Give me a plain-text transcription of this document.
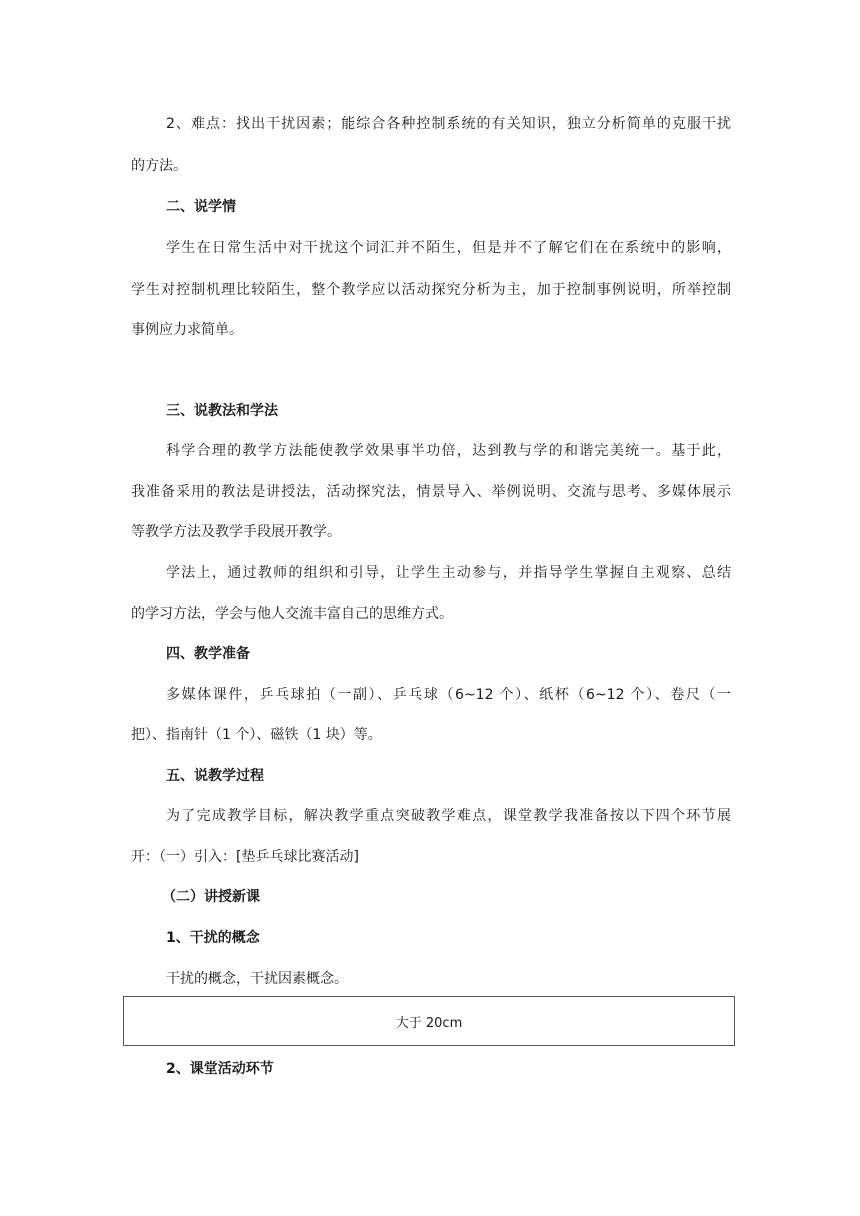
2、难点：找出干扰因素；能综合各种控制系统的有关知识，独立分析简单的克服干扰
的方法。
二、说学情
学生在日常生活中对干扰这个词汇并不陌生，但是并不了解它们在在系统中的影响，
学生对控制机理比较陌生，整个教学应以活动探究分析为主，加于控制事例说明，所举控制
事例应力求简单。
三、说教法和学法
科学合理的教学方法能使教学效果事半功倍，达到教与学的和谐完美统一。基于此，
我准备采用的教法是讲授法，活动探究法，情景导入、举例说明、交流与思考、多媒体展示
等教学方法及教学手段展开教学。
学法上，通过教师的组织和引导，让学生主动参与，并指导学生掌握自主观察、总结
的学习方法，学会与他人交流丰富自己的思维方式。
四、教学准备
多媒体课件，乒乓球拍（一副）、乒乓球（6~12 个）、纸杯（6~12 个）、卷尺（一
把）、指南针（1 个）、磁铁（1 块）等。
五、说教学过程
为了完成教学目标，解决教学重点突破教学难点，课堂教学我准备按以下四个环节展
开：（一）引入：[垫乒乓球比赛活动]
（二）讲授新课
1、干扰的概念
干扰的概念，干扰因素概念。
大于 20cm
2、课堂活动环节
